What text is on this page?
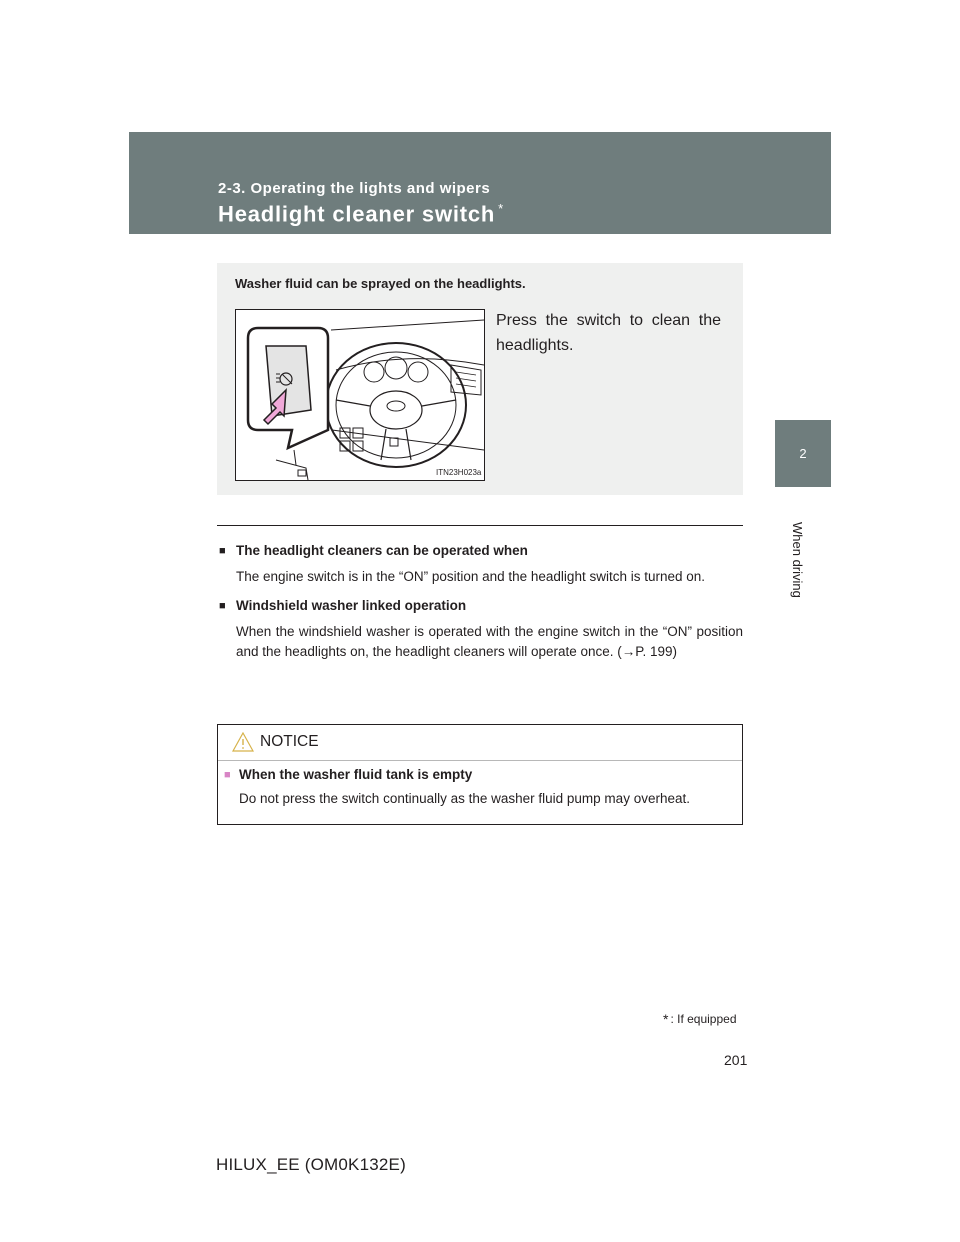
2-3. Operating the lights and wipers
Headlight cleaner switch *
2
When driving
Washer fluid can be sprayed on the headlights.
ITN23H023a
Press the switch to clean the headlights.
■ The headlight cleaners can be operated when
The engine switch is in the “ON” position and the headlight switch is turned on.
■ Windshield washer linked operation
When the windshield washer is operated with the engine switch in the “ON” position and the headlights on, the headlight cleaners will operate once. (→P. 199)
NOTICE
■ When the washer fluid tank is empty
Do not press the switch continually as the washer fluid pump may overheat.
* : If equipped
201
HILUX_EE (OM0K132E)
